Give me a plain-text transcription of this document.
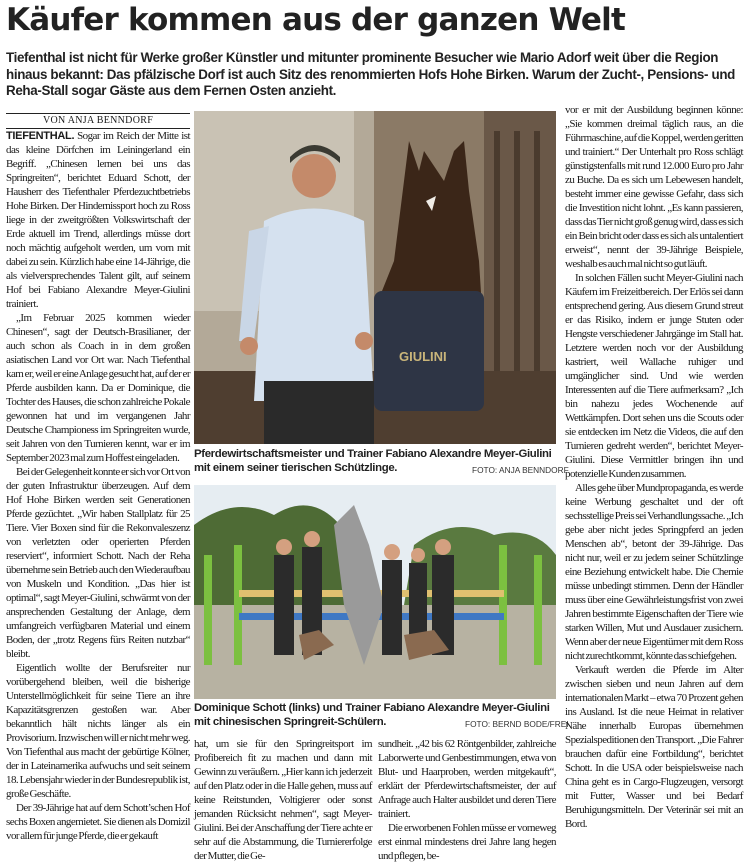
Käufer kommen aus der ganzen Welt
Tiefenthal ist nicht für Werke großer Künstler und mitunter prominente Besucher wie Mario Adorf weit über die Region hinaus bekannt: Das pfälzische Dorf ist auch Sitz des renommierten Hofs Hohe Birken. Warum der Zucht-, Pensions- und Reha-Stall sogar Gäste aus dem Fernen Osten anzieht.
VON ANJA BENNDORF

TIEFENTHAL. Sogar im Reich der Mitte ist das kleine Dörfchen im Leiningerland ein Begriff. „Chinesen lernen bei uns das Springreiten“, berichtet Eduard Schott, der Hausherr des Tiefenthaler Pferdezuchtbetriebs Hohe Birken. Der Hindernissport hoch zu Ross liege in der zweitgrößten Volkswirtschaft der Erde aktuell im Trend, allerdings müsse dort noch mächtig aufgeholt werden, um vorn mit dabei zu sein. Kürzlich habe eine 14-Jährige, die als vielversprechendes Talent gilt, auf seinem Hof bei Fabiano Alexandre Meyer-Giulini trainiert.

„Im Februar 2025 kommen wieder Chinesen“, sagt der Deutsch-Brasilianer, der auch schon als Coach in in dem großen asiatischen Land vor Ort war. Nach Tiefenthal kam er, weil er eine Anlage gesucht hat, auf der er Pferde ausbilden kann. Da er Dominique, die Tochter des Hauses, die schon zahlreiche Pokale gewonnen hat und im vergangenen Jahr Deutsche Championess im Springreiten wurde, seit Jahren von den Turnieren kennt, war er im September 2023 mal zum Hoffest eingeladen.

Bei der Gelegenheit konnte er sich vor Ort von der guten Infrastruktur überzeugen. Auf dem Hof Hohe Birken werden seit Generationen Pferde gezüchtet. „Wir haben Stallplatz für 25 Tiere. Vier Boxen sind für die Rekonvaleszenz von verletzten oder operierten Pferden reserviert“, informiert Schott. Nach der Reha übernehme sein Betrieb auch den Wiederaufbau von Muskeln und Kondition. „Das hier ist optimal“, sagt Meyer-Giulini, schwärmt von der ansprechenden Gestaltung der Anlage, dem umfangreich verfügbaren Material und einem Boden, der „trotz Regens fürs Reiten nutzbar“ bleibt.

Eigentlich wollte der Berufsreiter nur vorübergehend bleiben, weil die bisherige Unterstellmöglichkeit für seine Tiere an ihre Kapazitätsgrenzen gestoßen war. Aber bekanntlich hält nichts länger als ein Provisorium. Inzwischen will er nicht mehr weg. Von Tiefenthal aus macht der gebürtige Kölner, der in Lateinamerika aufwuchs und seit seinem 18. Lebensjahr wieder in der Bundesrepublik ist, große Geschäfte.

Der 39-Jährige hat auf dem Schott’schen Hof sechs Boxen angemietet. Sie dienen als Domizil vor allem für junge Pferde, die er gekauft

GIULINI
Pferdewirtschaftsmeister und Trainer Fabiano Alexandre Meyer-Giulini mit einem seiner tierischen Schützlinge.	FOTO: ANJA BENNDORF
Dominique Schott (links) und Trainer Fabiano Alexandre Meyer-Giulini mit chinesischen Springreit-Schülern.	FOTO: BERND BODE/FREI

hat, um sie für den Springreitsport im Profibereich fit zu machen und dann mit Gewinn zu veräußern. „Hier kann ich jederzeit auf den Platz oder in die Halle gehen, muss auf keine Reitstunden, Voltigierer oder sonst jemanden Rücksicht nehmen“, sagt Meyer-Giulini. Bei der Anschaffung der Tiere achte er sehr auf die Abstammung, die Turniererfolge der Mutter, die Ge-

sundheit. „42 bis 62 Röntgenbilder, zahlreiche Laborwerte und Genbestimmungen, etwa von Blut- und Haarproben, werden mitgekauft“, erklärt der Pferdewirtschaftsmeister, der auf Anfrage auch Halter ausbildet und deren Tiere trainiert.

Die erworbenen Fohlen müsse er vorneweg erst einmal mindestens drei Jahre lang hegen und pflegen, be-

vor er mit der Ausbildung beginnen könne: „Sie kommen dreimal täglich raus, an die Führmaschine, auf die Koppel, werden geritten und trainiert.“ Der Unterhalt pro Ross schlägt günstigstenfalls mit rund 12.000 Euro pro Jahr zu Buche. Da es sich um Lebewesen handelt, besteht immer eine gewisse Gefahr, dass sich die Investition nicht lohnt. „Es kann passieren, dass das Tier nicht groß genug wird, dass es sich ein Bein bricht oder dass es sich als untalentiert erweist“, nennt der 39-Jährige Beispiele, weshalb es auch mal nicht so gut läuft.

In solchen Fällen sucht Meyer-Giulini nach Käufern im Freizeitbereich. Der Erlös sei dann entsprechend gering. Aus diesem Grund streut er das Risiko, indem er junge Stuten oder Hengste verschiedener Jahrgänge im Stall hat. Letztere werden noch vor der Ausbildung kastriert, weil Wallache ruhiger und umgänglicher sind. Und wie werden Interessenten auf die Tiere aufmerksam? „Ich bin nahezu jedes Wochenende auf Wettkämpfen. Dort sehen uns die Scouts oder sie entdecken im Netz die Videos, die auf den Turnieren gedreht werden“, berichtet Meyer-Giulini. Diese Vermittler bringen ihn und potenzielle Kunden zusammen.

Alles gehe über Mundpropaganda, es werde keine Werbung geschaltet und der oft sechsstellige Preis sei Verhandlungssache. „Ich gebe aber nicht jedes Springpferd an jeden Menschen ab“, betont der 39-Jährige. Das nicht nur, weil er zu jedem seiner Schützlinge eine Beziehung entwickelt habe. Die Chemie müsse unbedingt stimmen. Denn der Händler muss über eine Gewährleistungsfrist von zwei Jahren bestimmte Eigenschaften der Tiere wie starken Willen, Mut und Ausdauer zusichern. Wenn aber der neue Eigentümer mit dem Ross nicht zurechtkommt, könnte das schiefgehen.

Verkauft werden die Pferde im Alter zwischen sieben und neun Jahren auf dem internationalen Markt – etwa 70 Prozent gehen ins Ausland. Ist die neue Heimat in relativer Nähe innerhalb Europas übernehmen Spezialspeditionen den Transport. „Die Fahrer brauchen dafür eine Fortbildung“, berichtet Schott. In die USA oder beispielsweise nach China geht es in Cargo-Flugzeugen, versorgt mit Futter, Wasser und bei Bedarf Beruhigungsmitteln. Der Veterinär sei mit an Bord.
